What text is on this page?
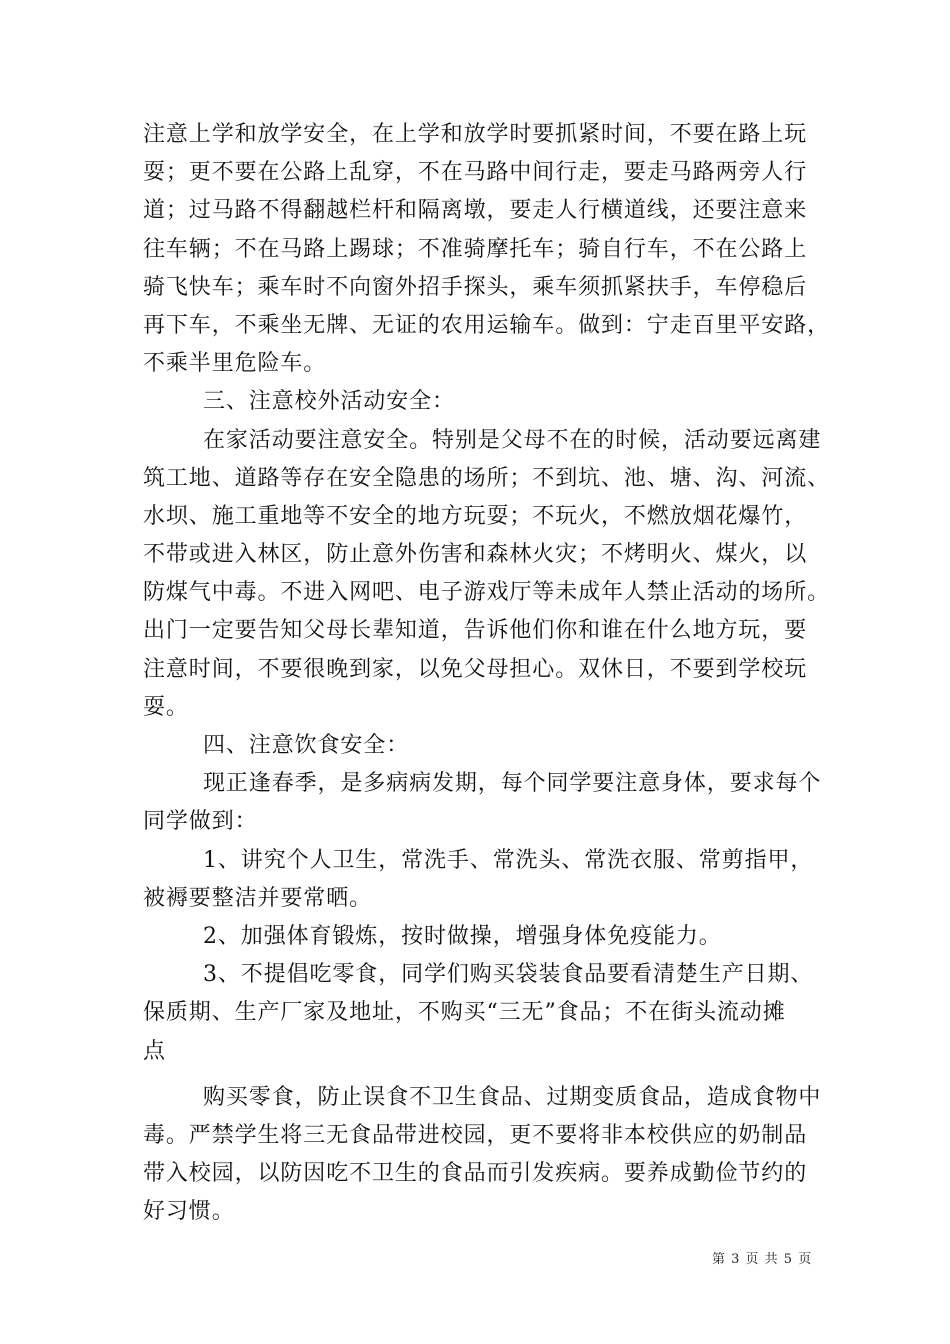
注意上学和放学安全，在上学和放学时要抓紧时间，不要在路上玩
耍；更不要在公路上乱穿，不在马路中间行走，要走马路两旁人行
道；过马路不得翻越栏杆和隔离墩，要走人行横道线，还要注意来
往车辆；不在马路上踢球；不准骑摩托车；骑自行车，不在公路上
骑飞快车；乘车时不向窗外招手探头，乘车须抓紧扶手，车停稳后
再下车，不乘坐无牌、无证的农用运输车。做到：宁走百里平安路，
不乘半里危险车。
三、注意校外活动安全：
在家活动要注意安全。特别是父母不在的时候，活动要远离建
筑工地、道路等存在安全隐患的场所；不到坑、池、塘、沟、河流、
水坝、施工重地等不安全的地方玩耍；不玩火，不燃放烟花爆竹，
不带或进入林区，防止意外伤害和森林火灾；不烤明火、煤火，以
防煤气中毒。不进入网吧、电子游戏厅等未成年人禁止活动的场所。
出门一定要告知父母长辈知道，告诉他们你和谁在什么地方玩，要
注意时间，不要很晚到家，以免父母担心。双休日，不要到学校玩
耍。
四、注意饮食安全：
现正逢春季，是多病病发期，每个同学要注意身体，要求每个
同学做到：
1、讲究个人卫生，常洗手、常洗头、常洗衣服、常剪指甲，
被褥要整洁并要常晒。
2、加强体育锻炼，按时做操，增强身体免疫能力。
3、不提倡吃零食，同学们购买袋装食品要看清楚生产日期、
保质期、生产厂家及地址，不购买“三无”食品；不在街头流动摊
点
购买零食，防止误食不卫生食品、过期变质食品，造成食物中
毒。严禁学生将三无食品带进校园，更不要将非本校供应的奶制品
带入校园，以防因吃不卫生的食品而引发疾病。要养成勤俭节约的
好习惯。
第 3 页 共 5 页
